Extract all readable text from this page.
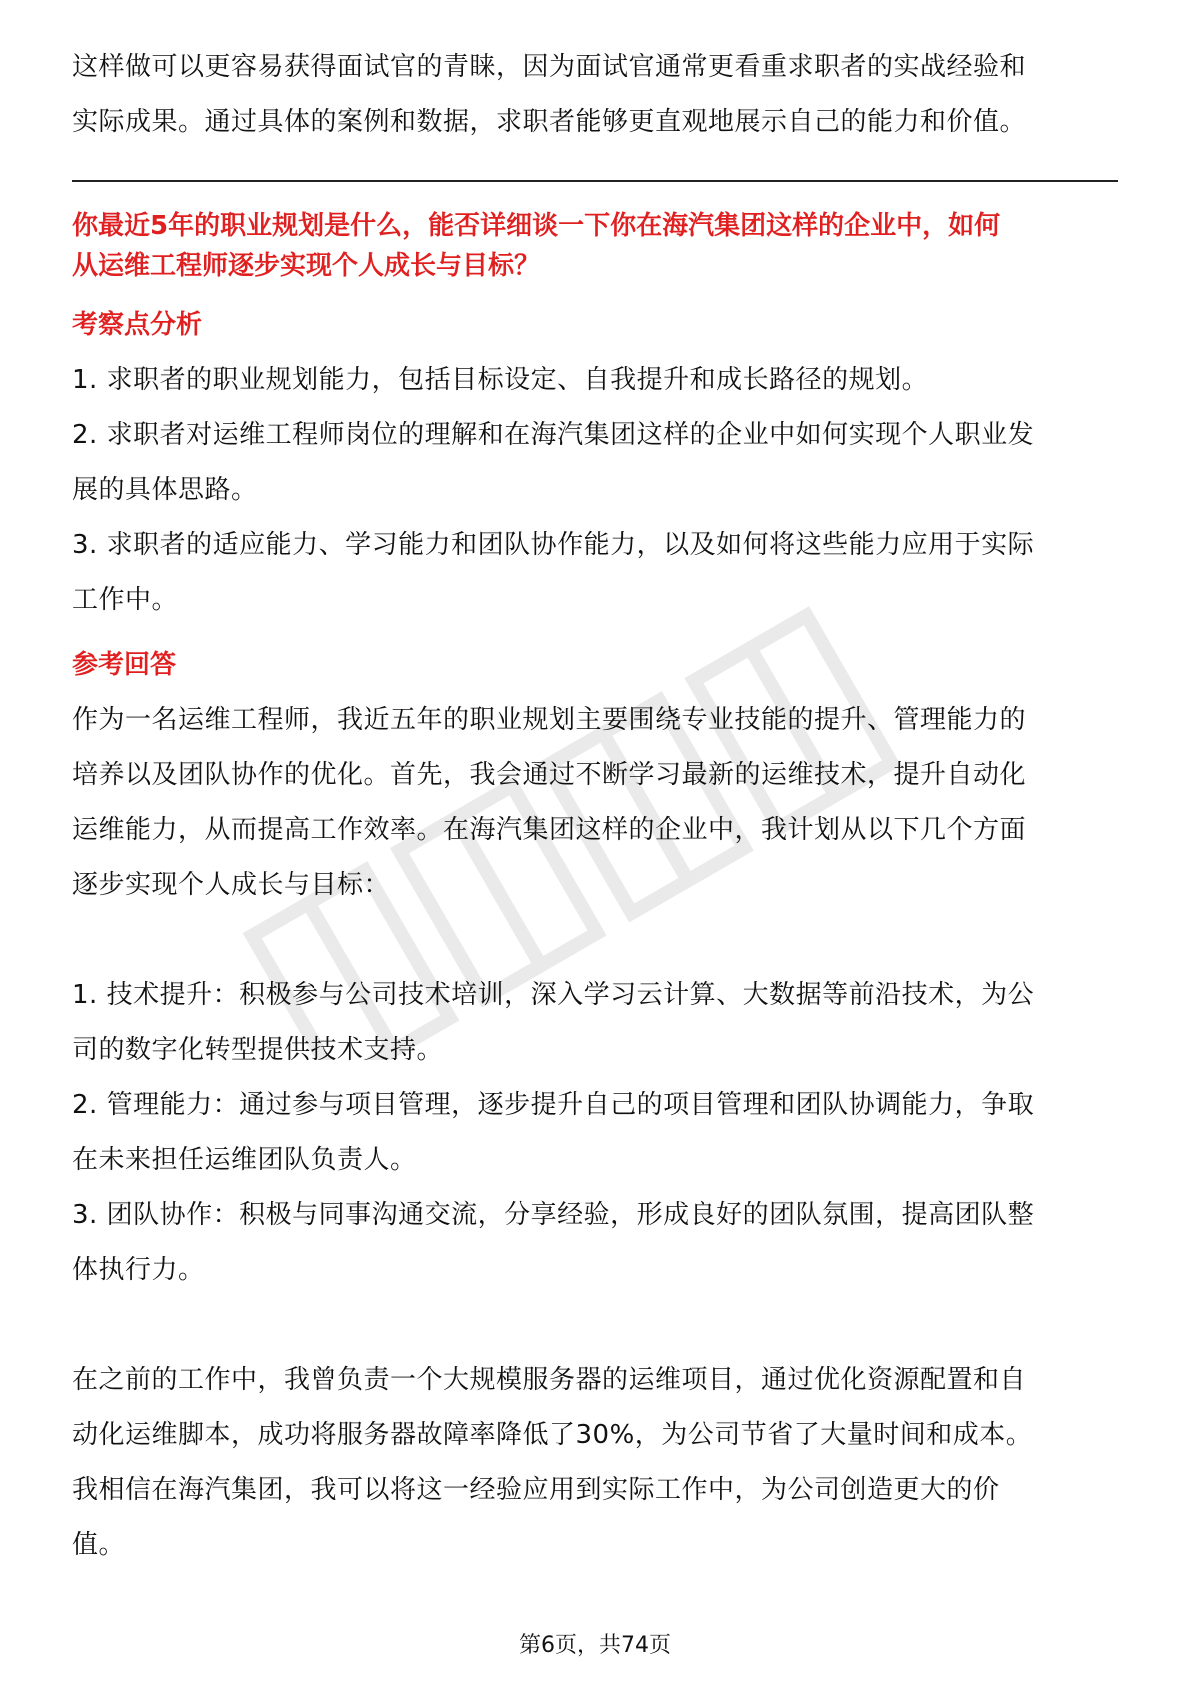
这样做可以更容易获得面试官的青睐，因为面试官通常更看重求职者的实战经验和

实际成果。通过具体的案例和数据，求职者能够更直观地展示自己的能力和价值。

你最近5年的职业规划是什么，能否详细谈一下你在海汽集团这样的企业中，如何

从运维工程师逐步实现个人成长与目标？

考察点分析

1. 求职者的职业规划能力，包括目标设定、自我提升和成长路径的规划。

2. 求职者对运维工程师岗位的理解和在海汽集团这样的企业中如何实现个人职业发

展的具体思路。

3. 求职者的适应能力、学习能力和团队协作能力，以及如何将这些能力应用于实际

工作中。

参考回答

作为一名运维工程师，我近五年的职业规划主要围绕专业技能的提升、管理能力的

培养以及团队协作的优化。首先，我会通过不断学习最新的运维技术，提升自动化

运维能力，从而提高工作效率。在海汽集团这样的企业中，我计划从以下几个方面

逐步实现个人成长与目标：

1. 技术提升：积极参与公司技术培训，深入学习云计算、大数据等前沿技术，为公

司的数字化转型提供技术支持。

2. 管理能力：通过参与项目管理，逐步提升自己的项目管理和团队协调能力，争取

在未来担任运维团队负责人。

3. 团队协作：积极与同事沟通交流，分享经验，形成良好的团队氛围，提高团队整

体执行力。

在之前的工作中，我曾负责一个大规模服务器的运维项目，通过优化资源配置和自

动化运维脚本，成功将服务器故障率降低了30%，为公司节省了大量时间和成本。

我相信在海汽集团，我可以将这一经验应用到实际工作中，为公司创造更大的价

值。

第6页，共74页
